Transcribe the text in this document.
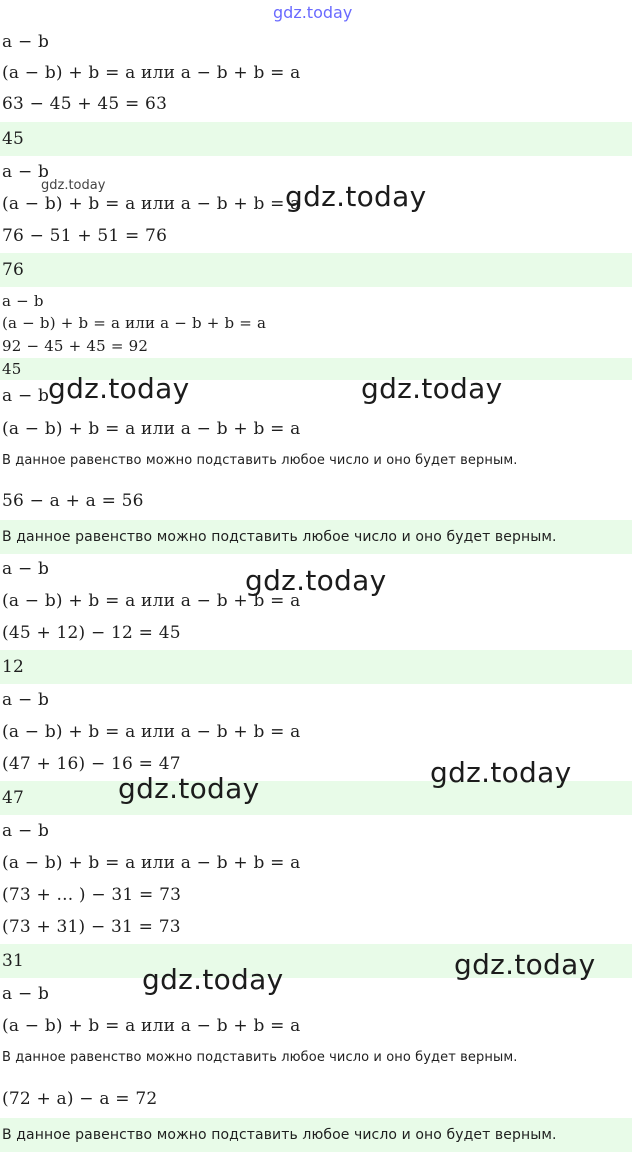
gdz.today
a − b
(a − b) + b = a или a − b + b = a
63 − 45 + 45 = 63
45
a − b
gdz.today
(a − b) + b = a или a − b + b = a
gdz.today
76 − 51 + 51 = 76
76
a − b
(a − b) + b = a или a − b + b = a
92 − 45 + 45 = 92
45
a − b
gdz.today	gdz.today
(a − b) + b = a или a − b + b = a
В данное равенство можно подставить любое число и оно будет верным.
56 − a + a = 56
В данное равенство можно подставить любое число и оно будет верным.
a − b
(a − b) + b = a или a − b + b = a
gdz.today
(45 + 12) − 12 = 45
12
a − b
(a − b) + b = a или a − b + b = a
(47 + 16) − 16 = 47
47
gdz.today
gdz.today
a − b
(a − b) + b = a или a − b + b = a
(73 + ... ) − 31 = 73
(73 + 31) − 31 = 73
31	gdz.today
gdz.today
a − b
(a − b) + b = a или a − b + b = a
В данное равенство можно подставить любое число и оно будет верным.
(72 + a) − a = 72
В данное равенство можно подставить любое число и оно будет верным.
